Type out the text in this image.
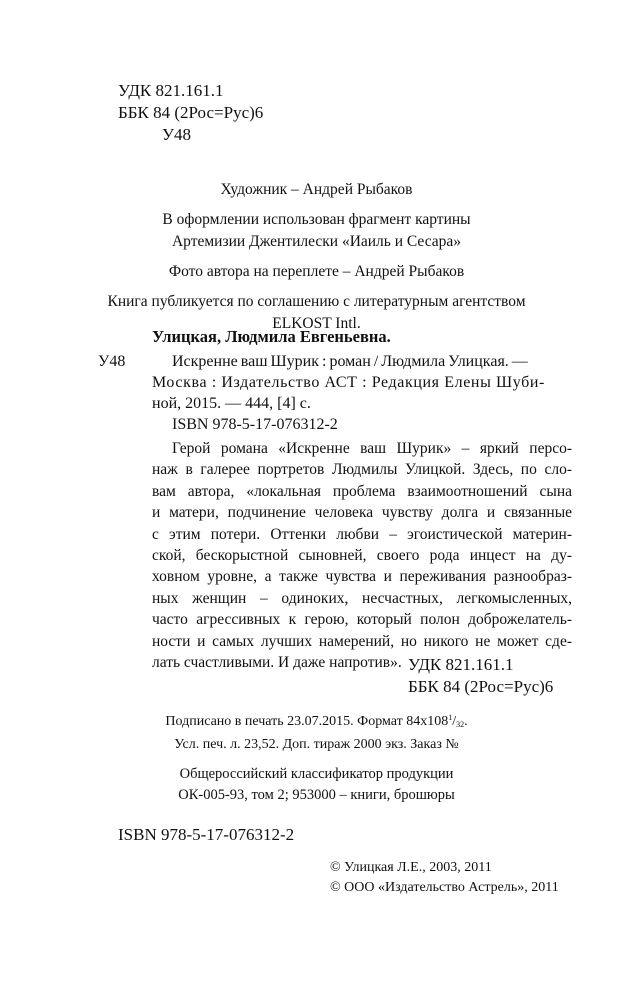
УДК 821.161.1
ББК 84 (2Рос=Рус)6
У48
Художник – Андрей Рыбаков
В оформлении использован фрагмент картины
Артемизии Джентилески «Иаиль и Сесара»
Фото автора на переплете – Андрей Рыбаков
Книга публикуется по соглашению с литературным агентством
ELKOST Intl.
Улицкая, Людмила Евгеньевна.
У48	Искренне ваш Шурик : роман / Людмила Улицкая. —
Москва : Издательство АСТ : Редакция Елены Шуби-
ной, 2015. — 444, [4] с.
ISBN 978-5-17-076312-2
Герой романа «Искренне ваш Шурик» – яркий персо-
наж в галерее портретов Людмилы Улицкой. Здесь, по сло-
вам автора, «локальная проблема взаимоотношений сына
и матери, подчинение человека чувству долга и связанные
с этим потери. Оттенки любви – эгоистической материн-
ской, бескорыстной сыновней, своего рода инцест на ду-
ховном уровне, а также чувства и переживания разнообраз-
ных женщин – одиноких, несчастных, легкомысленных,
часто агрессивных к герою, который полон доброжелатель-
ности и самых лучших намерений, но никого не может сде-
лать счастливыми. И даже напротив». УДК 821.161.1
ББК 84 (2Рос=Рус)6
Подписано в печать 23.07.2015. Формат $84х108^1/_{32}$.
Усл. печ. л. 23,52. Доп. тираж 2000 экз. Заказ №
Общероссийский классификатор продукции
ОК-005-93, том 2; 953000 – книги, брошюры
ISBN 978-5-17-076312-2
© Улицкая Л.Е., 2003, 2011
© ООО «Издательство Астрель», 2011
